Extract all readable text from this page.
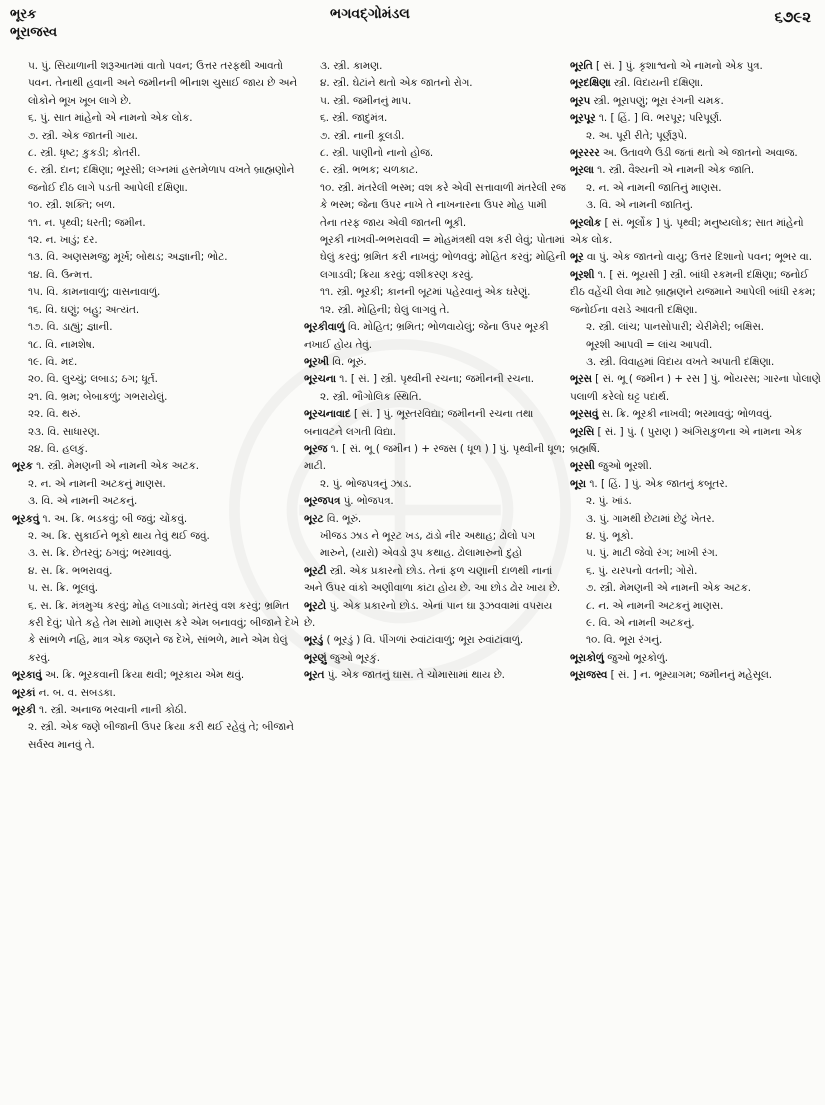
ભૂરક
ભૂરાજસ્વ
ભગવદ્ગોમંડલ	૬૭૯૨

૫. પું. સિયાળાની શરૂઆતમાં વાતો પવન; ઉત્તર તરફથી આવતો પવન. તેનાથી હવાની અને જમીનની ભીનાશ ચુસાઈ જાય છે અને લોકોને ભૂખ ખૂબ લાગે છે.

૬. પું. સાત માંહેનો એ નામનો એક લોક.

૭. સ્ત્રી. એક જાતની ગાય.

૮. સ્ત્રી. ધૃષ્ટ; કુકડી; કોતરી.

૯. સ્ત્રી. દાન; દક્ષિણા; ભૂરસી; લગ્નમાં હસ્તમેળાપ વખતે બ્રાહ્મણોને જનોઈ દીઠ લાગે પડતી આપેલી દક્ષિણા.

૧૦. સ્ત્રી. શક્તિ; બળ.

૧૧. ન. પૃથ્વી; ધરતી; જમીન.

૧૨. ન. ખાડું; દર.

૧૩. વિ. અણસમજુ; મૂર્ખ; બોથડ; અજ્ઞાની; ભોટ.

૧૪. વિ. ઉન્મત્ત.

૧૫. વિ. કામનાવાળું; વાસનાવાળું.

૧૬. વિ. ઘણું; બહુ; અત્યંત.

૧૭. વિ. ડાહ્યું; જ્ઞાની.

૧૮. વિ. નામશેષ.

૧૯. વિ. મદ.

૨૦. વિ. લુચ્ચું; લબાડ; ઠગ; ધૂર્ત.

૨૧. વિ. ભ્રમ; બેબાકળું; ગભરાયેલું.

૨૨. વિ. થરું.

૨૩. વિ. સાધારણ.

૨૪. વિ. હલકું.

ભૂરક ૧. સ્ત્રી. મેમણની એ નામની એક અટક.

૨. ન. એ નામની અટકનું માણસ.

૩. વિ. એ નામની અટકનું.

ભૂરકવું ૧. અ. ક્રિ. ભડકવું; બી જવું; ચોંકવું.

૨. અ. ક્રિ. સુકાઈને ભૂકો થાય તેવું થઈ જવું.

૩. સ. ક્રિ. છેતરવું; ઠગવું; ભરમાવવું.

૪. સ. ક્રિ. ભભરાવવું.

૫. સ. ક્રિ. ભૂલવું.

૬. સ. ક્રિ. મંત્રમુગ્ધ કરવું; મોહ લગાડવો; મંતરવું વશ કરવું; ભ્રમિત કરી દેવું; પોતે કહે તેમ સામો માણસ કરે એમ બનાવવું; બીજાને દેખે કે સાંભળે નહિ, માત્ર એક જણને જ દેખે, સાંભળે, માને એમ ઘેલું કરવું.

ભૂરકાવું અ. ક્રિ. ભૂરકવાની ક્રિયા થવી; ભૂરકાય એમ થવું.

ભૂરકાં ન. બ. વ. સબડકા.

ભૂરકી ૧. સ્ત્રી. અનાજ ભરવાની નાની કોઠી.

૨. સ્ત્રી. એક જણે બીજાની ઉપર ક્રિયા કરી થઈ રહેવું તે; બીજાને સર્વસ્વ માનવું તે.

૩. સ્ત્રી. કામણ.

૪. સ્ત્રી. ઘેટાંને થતો એક જાતનો રોગ.

૫. સ્ત્રી. જમીનનું માપ.

૬. સ્ત્રી. જાદુમંત્ર.

૭. સ્ત્રી. નાની કૂલડી.

૮. સ્ત્રી. પાણીનો નાનો હોજ.

૯. સ્ત્રી. ભભક; ચળકાટ.

૧૦. સ્ત્રી. મંતરેલી ભસ્મ; વશ કરે એવી સત્તાવાળી મંતરેલી રજ કે ભસ્મ; જેના ઉપર નાખે તે નાખનારના ઉપર મોહ પામી તેના તરફ જાય એવી જાતની ભૂકી.

ભૂરકી નાખવી-ભભરાવવી = મોહમંત્રથી વશ કરી લેવું; પોતામાં ઘેલું કરવું; ભ્રમિત કરી નાખવું; ભોળવવું; મોહિત કરવું; મોહિની લગાડવી; ક્રિયા કરવું; વશીકરણ કરવું.

૧૧. સ્ત્રી. ભૂરકી; કાનની બૂટમાં પહેરવાનું એક ઘરેણું.

૧૨. સ્ત્રી. મોહિની; ઘેલું લાગવું તે.

ભૂરકીવાળું વિ. મોહિત; ભ્રમિત; ભોળવાયેલું; જેના ઉપર ભૂરકી નખાઈ હોય તેવું.

ભૂરખી વિ. ભૂરું.

ભૂરચના ૧. [ સં. ] સ્ત્રી. પૃથ્વીની રચના; જમીનની રચના.

૨. સ્ત્રી. ભૌગોલિક સ્થિતિ.

ભૂરચનાવાદ [ સં. ] પું. ભૂસ્તરવિદ્યા; જમીનની રચના તથા બનાવટને લગતી વિદ્યા.

ભૂરજ ૧. [ સં. ભૂ ( જમીન ) + રજસ ( ધૂળ ) ] પું. પૃથ્વીની ધૂળ; માટી.

૨. પું. ભોજપત્રનું ઝાડ.

ભૂરજપત્ર પું. ભોજપત્ર.

ભૂરટ વિ. ભૂરું.

ખીજડ ઝાડ ને ભૂરટ ખડ, ઢાંડો નીર અથાહ; ઢોલો પગ મારુને, (યારો) એવડો રૂપ કથાહ. ઢોલામારુનો દુહો

ભૂરટી સ્ત્રી. એક પ્રકારનો છોડ. તેનાં ફળ ચણાની દાળથી નાનાં અને ઉપર વાંકો અણીવાળા કાંટા હોય છે. આ છોડ ઢોર ખાય છે.

ભૂરટો પું. એક પ્રકારનો છોડ. એનાં પાન ઘા રૂઝવવામાં વપરાય છે.

ભૂરડું ( ભૂરડું ) વિ. પીંગળાં રુવાંટાંવાળું; ભૂરા રુવાંટાંવાળું.

ભૂરણું જુઓ ભૂરકું.

ભૂરત પું. એક જાતનું ઘાસ. તે ચોમાસામાં થાય છે.

ભૂરતિ [ સં. ] પું. કૃશાશ્વનો એ નામનો એક પુત્ર.

ભૂરદક્ષિણા સ્ત્રી. વિદાયની દક્ષિણા.

ભૂરપ સ્ત્રી. ભૂરાપણું; ભૂરા રંગની ચમક.

ભૂરપૂર ૧. [ હિં. ] વિ. ભરપૂર; પરિપૂર્ણ.

૨. અ. પૂરી રીતે; પૂર્ણરૂપે.

ભૂરરરર અ. ઉતાવળે ઉડી જતાં થતો એ જાતનો અવાજ.

ભૂરલા ૧. સ્ત્રી. વૈશ્યની એ નામની એક જાતિ.

૨. ન. એ નામની જાતિનું માણસ.

૩. વિ. એ નામની જાતિનું.

ભૂરલોક [ સં. ભૂર્લોક ] પું. પૃથ્વી; મનુષ્યલોક; સાત માંહેનો એક લોક.

ભૂર વા પું. એક જાતનો વાયુ; ઉત્તર દિશાનો પવન; ભૂભર વા.

ભૂરશી ૧. [ સં. ભૂયસી ] સ્ત્રી. બાંધી રકમની દક્ષિણા; જનોઈ દીઠ વહેંચી લેવા માટે બ્રાહ્મણને યજમાને આપેલી બાંધી રકમ; જનોઈના વરાડે આવતી દક્ષિણા.

૨. સ્ત્રી. લાંચ; પાનસોપારી; ચેરીમેરી; બક્ષિસ.

ભૂરશી આપવી = લાંચ આપવી.

૩. સ્ત્રી. વિવાહમાં વિદાય વખતે અપાતી દક્ષિણા.

ભૂરસ [ સં. ભૂ ( જમીન ) + રસ ] પું. ભોંયરસ; ગારના પોલાણે પલાળી કરેલો ઘટ્ટ પદાર્થ.

ભૂરસવું સ. ક્રિ. ભૂરકી નાખવી; ભરમાવવું; ભોળવવું.

ભૂરસિ [ સં. ] પું. ( પુરાણ ) અંગિરાકુળના એ નામના એક બ્રહ્મર્ષિ.

ભૂરસી જુઓ ભૂરશી.

ભૂરા ૧. [ હિં. ] પું. એક જાતનું કબૂતર.

૨. પું. ખાંડ.

૩. પું. ગામથી છેટામાં છેટું ખેતર.

૪. પું. ભૂકો.

૫. પું. માટી જેવો રંગ; ખાખી રંગ.

૬. પું. યરપનો વતની; ગોરો.

૭. સ્ત્રી. મેમણની એ નામની એક અટક.

૮. ન. એ નામની અટકનું માણસ.

૯. વિ. એ નામની અટકનું.

૧૦. વિ. ભૂરા રંગનું.

ભૂરાકોળું જુઓ ભૂરકોળું.

ભૂરાજસ્વ [ સં. ] ન. ભૂમ્યાગમ; જમીનનું મહેસૂલ.
